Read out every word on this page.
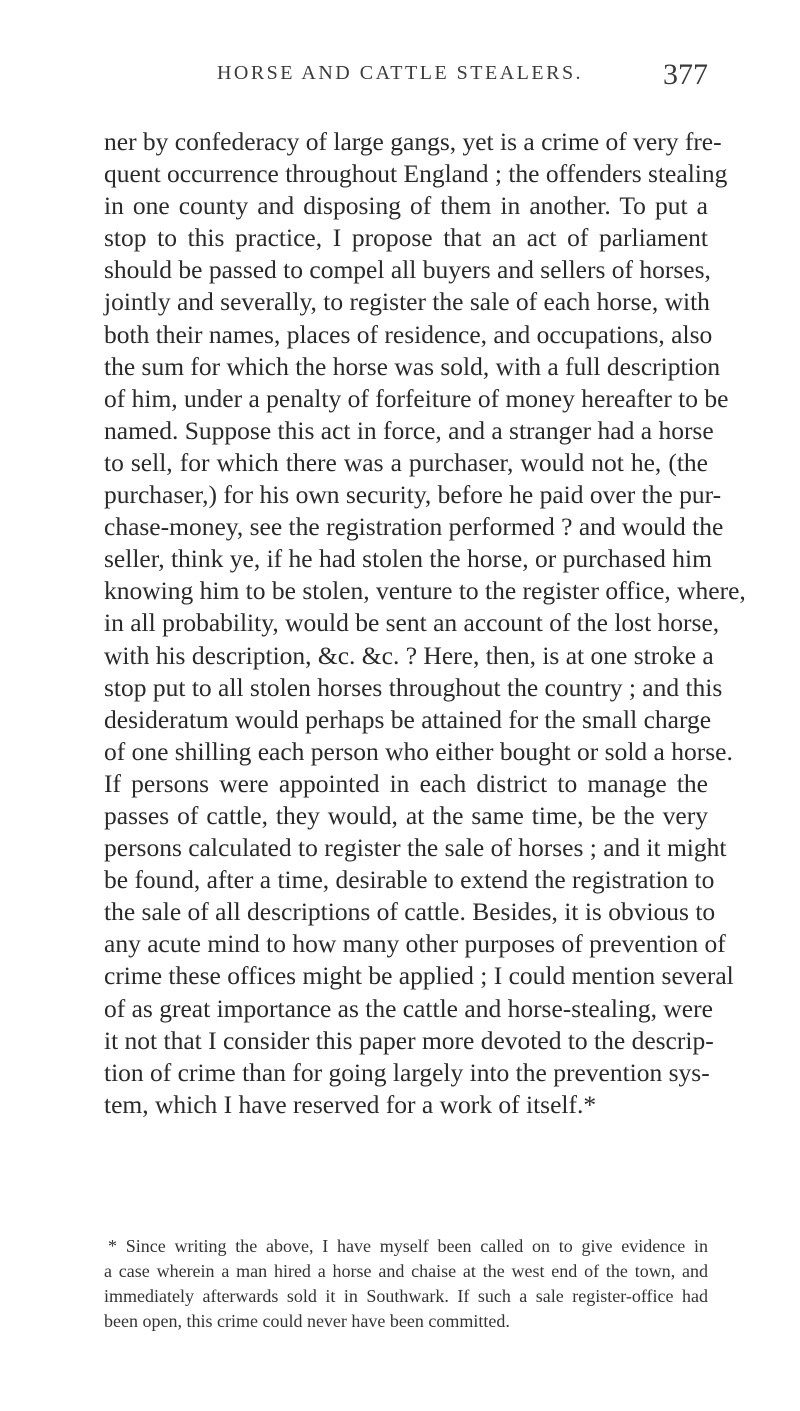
HORSE AND CATTLE STEALERS.	377
ner by confederacy of large gangs, yet is a crime of very fre-
quent occurrence throughout England ; the offenders stealing
in one county and disposing of them in another. To put a
stop to this practice, I propose that an act of parliament
should be passed to compel all buyers and sellers of horses,
jointly and severally, to register the sale of each horse, with
both their names, places of residence, and occupations, also
the sum for which the horse was sold, with a full description
of him, under a penalty of forfeiture of money hereafter to be
named. Suppose this act in force, and a stranger had a horse
to sell, for which there was a purchaser, would not he, (the
purchaser,) for his own security, before he paid over the pur-
chase-money, see the registration performed ? and would the
seller, think ye, if he had stolen the horse, or purchased him
knowing him to be stolen, venture to the register office, where,
in all probability, would be sent an account of the lost horse,
with his description, &c. &c. ? Here, then, is at one stroke a
stop put to all stolen horses throughout the country ; and this
desideratum would perhaps be attained for the small charge
of one shilling each person who either bought or sold a horse.
If persons were appointed in each district to manage the
passes of cattle, they would, at the same time, be the very
persons calculated to register the sale of horses ; and it might
be found, after a time, desirable to extend the registration to
the sale of all descriptions of cattle. Besides, it is obvious to
any acute mind to how many other purposes of prevention of
crime these offices might be applied ; I could mention several
of as great importance as the cattle and horse-stealing, were
it not that I consider this paper more devoted to the descrip-
tion of crime than for going largely into the prevention sys-
tem, which I have reserved for a work of itself.*
* Since writing the above, I have myself been called on to give evidence in
a case wherein a man hired a horse and chaise at the west end of the town, and
immediately afterwards sold it in Southwark. If such a sale register-office had
been open, this crime could never have been committed.
